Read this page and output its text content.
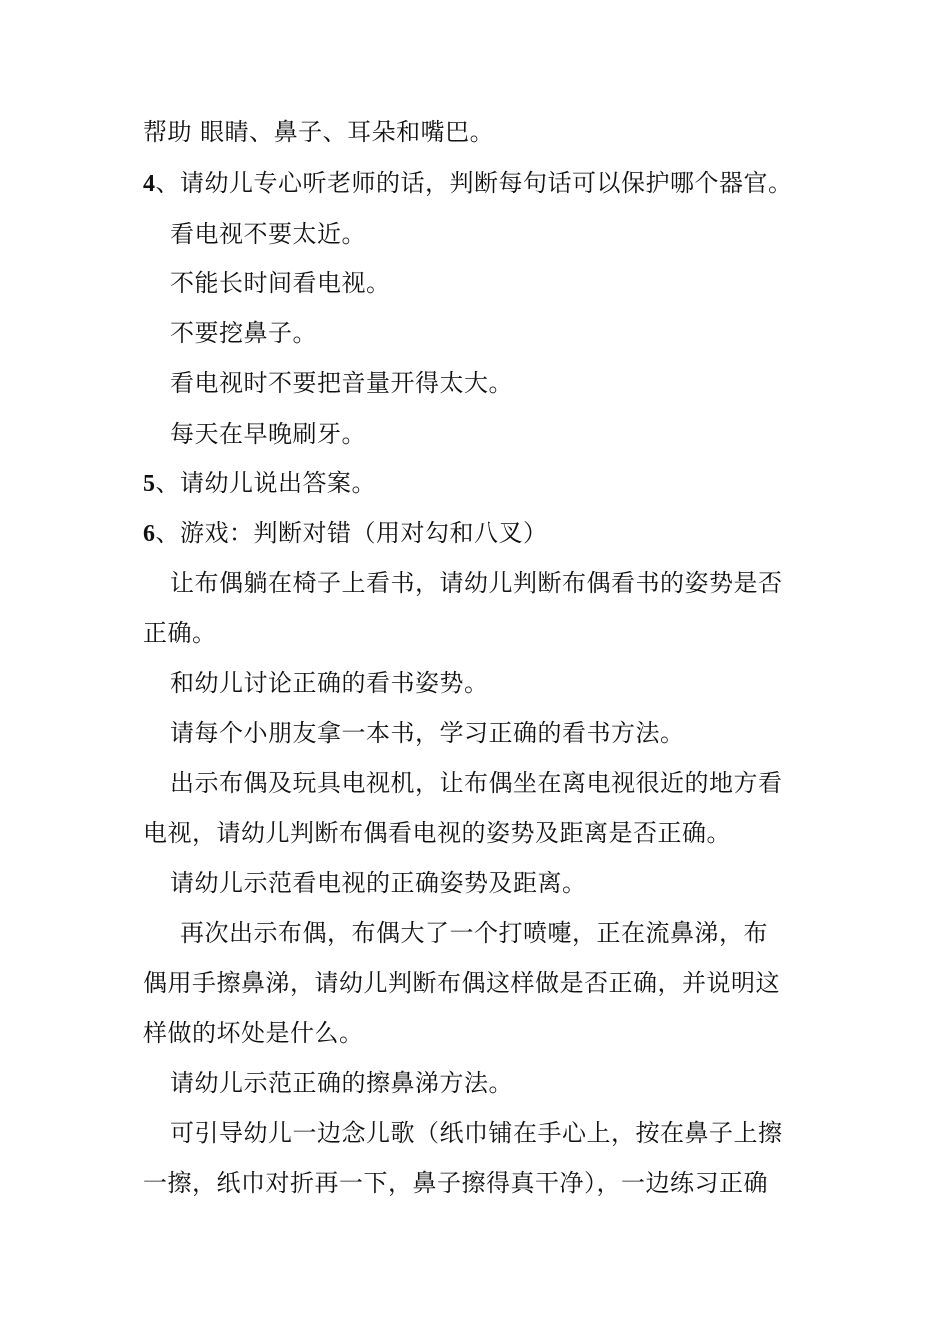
帮助 眼睛、鼻子、耳朵和嘴巴。
4、请幼儿专心听老师的话，判断每句话可以保护哪个器官。
看电视不要太近。
不能长时间看电视。
不要挖鼻子。
看电视时不要把音量开得太大。
每天在早晚刷牙。
5、请幼儿说出答案。
6、游戏：判断对错（用对勾和八叉）
让布偶躺在椅子上看书，请幼儿判断布偶看书的姿势是否
正确。
和幼儿讨论正确的看书姿势。
请每个小朋友拿一本书，学习正确的看书方法。
出示布偶及玩具电视机，让布偶坐在离电视很近的地方看
电视，请幼儿判断布偶看电视的姿势及距离是否正确。
请幼儿示范看电视的正确姿势及距离。
再次出示布偶，布偶大了一个打喷嚏，正在流鼻涕，布
偶用手擦鼻涕，请幼儿判断布偶这样做是否正确，并说明这
样做的坏处是什么。
请幼儿示范正确的擦鼻涕方法。
可引导幼儿一边念儿歌（纸巾铺在手心上，按在鼻子上擦
一擦，纸巾对折再一下，鼻子擦得真干净），一边练习正确
